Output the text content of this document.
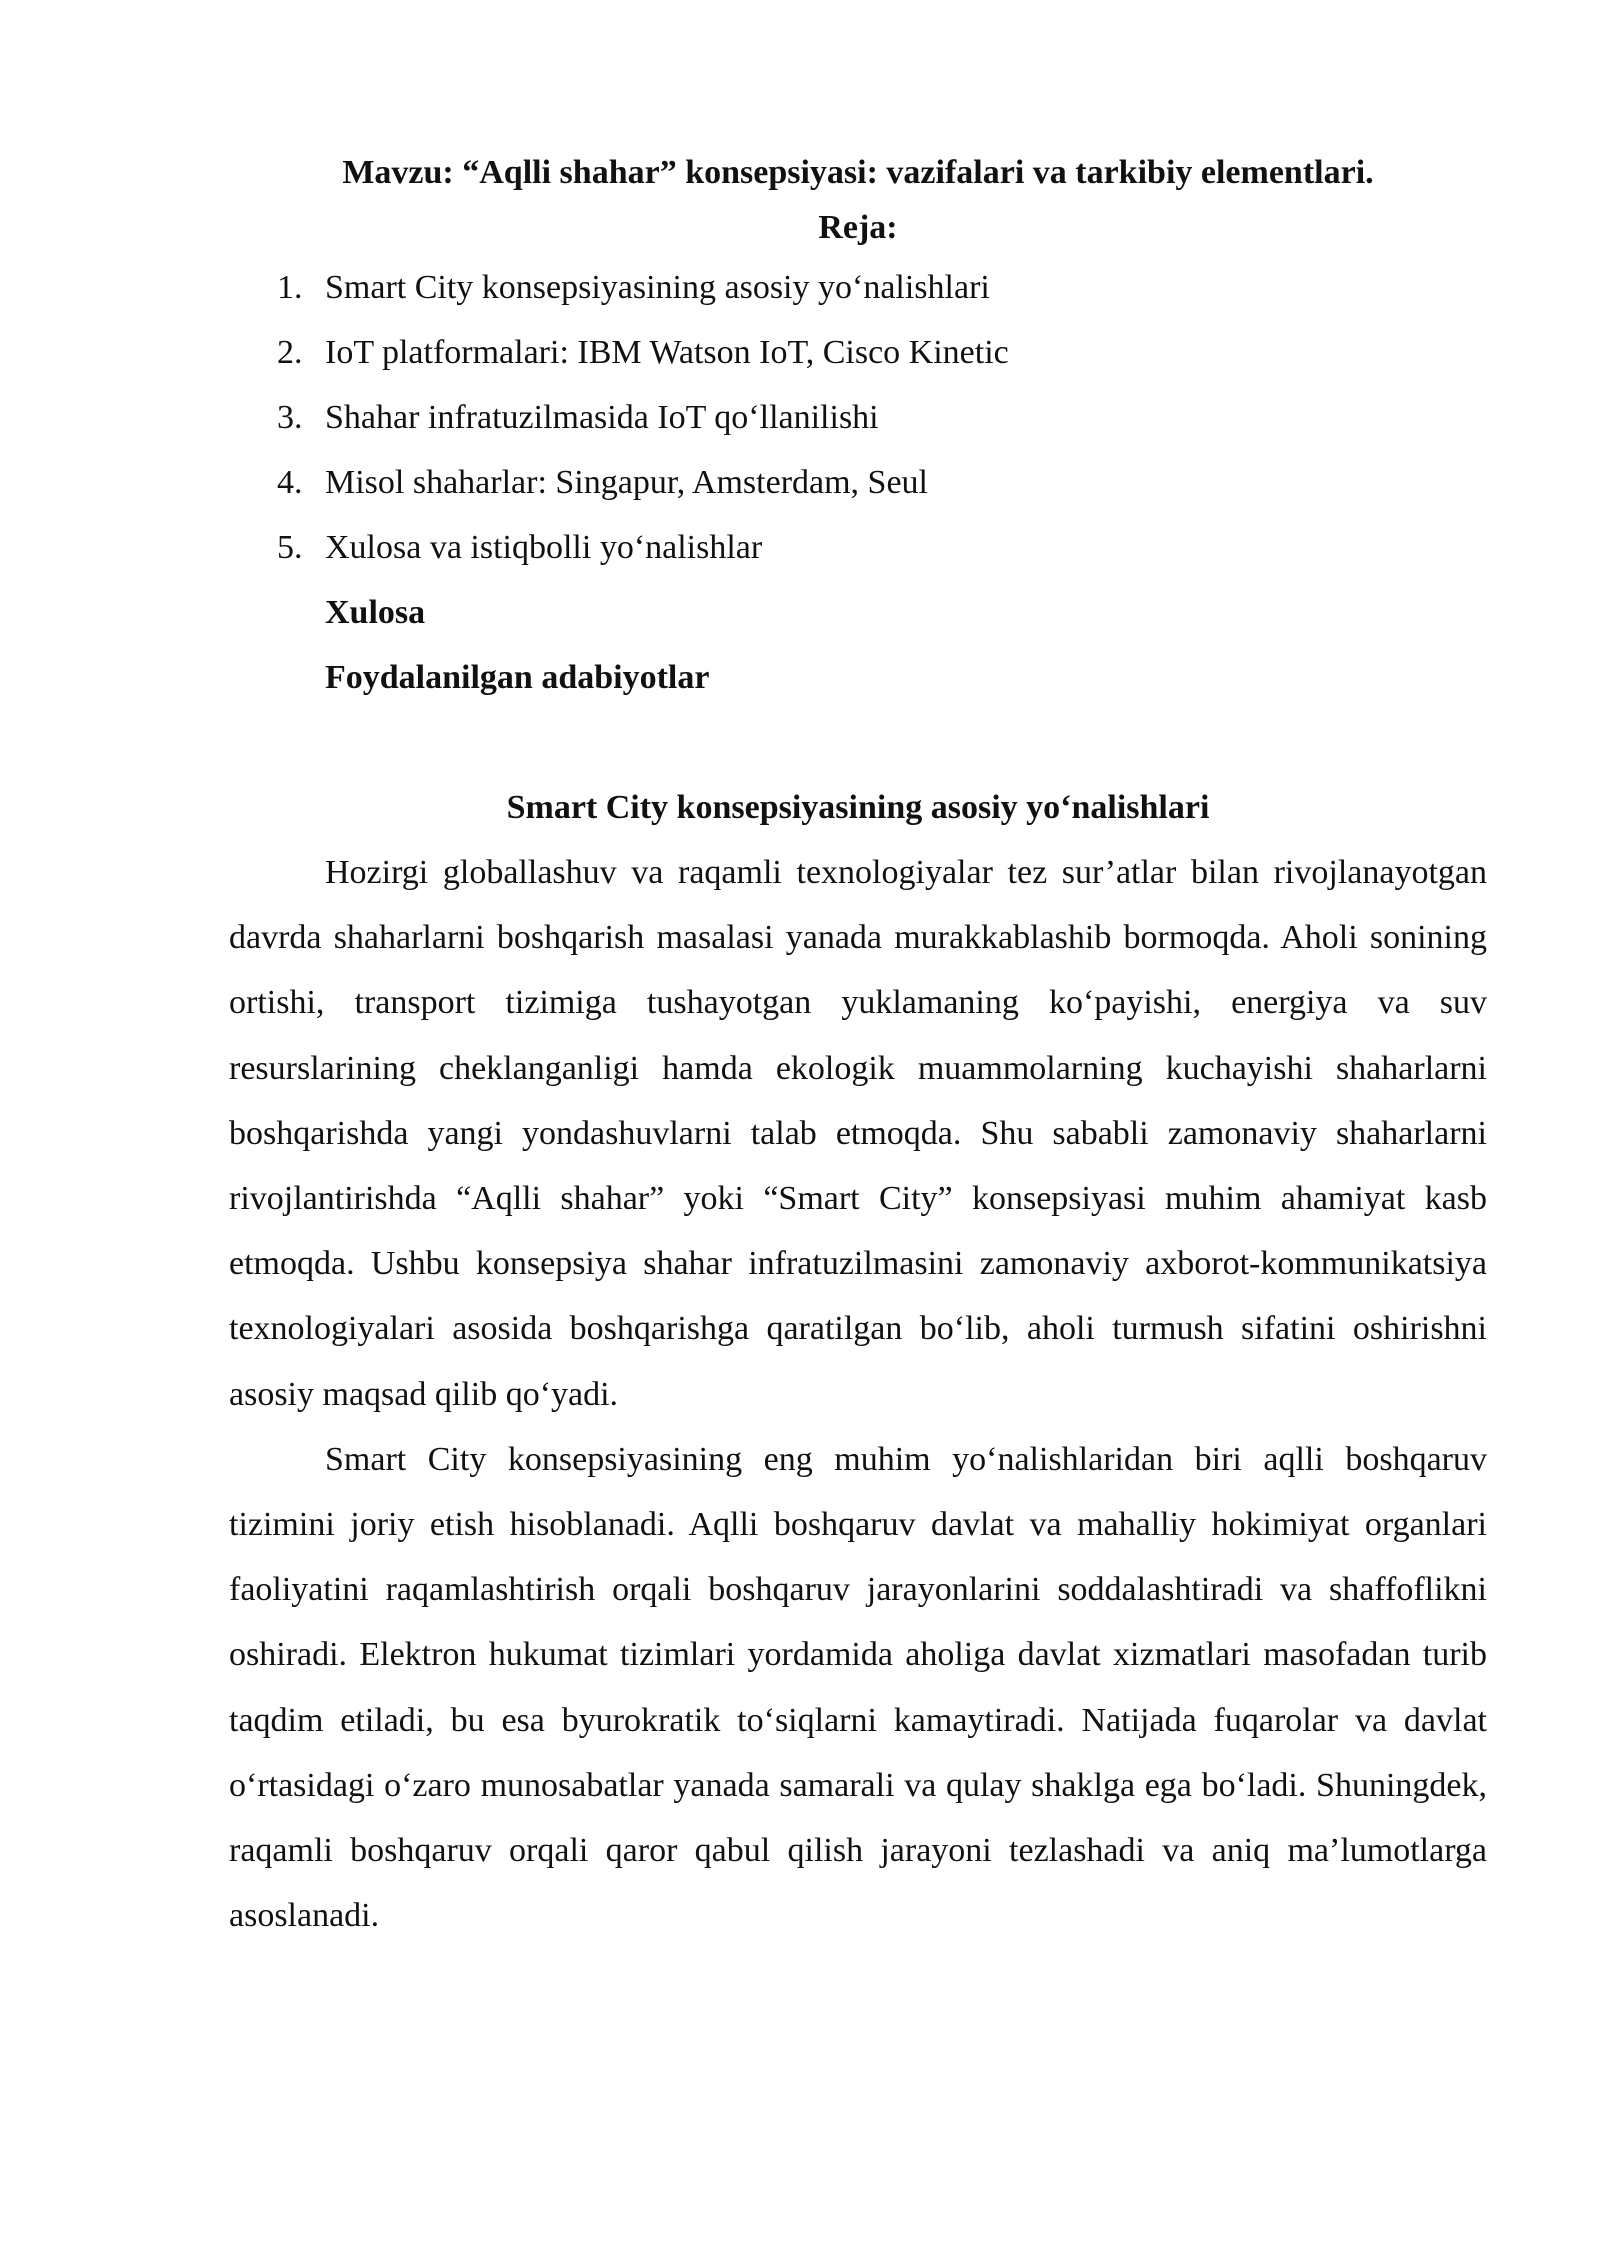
Mavzu: “Aqlli shahar” konsepsiyasi: vazifalari va tarkibiy elementlari.
Reja:
1. Smart City konsepsiyasining asosiy yo‘nalishlari
2. IoT platformalari: IBM Watson IoT, Cisco Kinetic
3. Shahar infratuzilmasida IoT qo‘llanilishi
4. Misol shaharlar: Singapur, Amsterdam, Seul
5. Xulosa va istiqbolli yo‘nalishlar
Xulosa
Foydalanilgan adabiyotlar
Smart City konsepsiyasining asosiy yo‘nalishlari

Hozirgi globallashuv va raqamli texnologiyalar tez sur’atlar bilan rivojlanayotgan davrda shaharlarni boshqarish masalasi yanada murakkablashib bormoqda. Aholi sonining ortishi, transport tizimiga tushayotgan yuklamaning ko‘payishi, energiya va suv resurslarining cheklanganligi hamda ekologik muammolarning kuchayishi shaharlarni boshqarishda yangi yondashuvlarni talab etmoqda. Shu sababli zamonaviy shaharlarni rivojlantirishda “Aqlli shahar” yoki “Smart City” konsepsiyasi muhim ahamiyat kasb etmoqda. Ushbu konsepsiya shahar infratuzilmasini zamonaviy axborot-kommunikatsiya texnologiyalari asosida boshqarishga qaratilgan bo‘lib, aholi turmush sifatini oshirishni asosiy maqsad qilib qo‘yadi.

Smart City konsepsiyasining eng muhim yo‘nalishlaridan biri aqlli boshqaruv tizimini joriy etish hisoblanadi. Aqlli boshqaruv davlat va mahalliy hokimiyat organlari faoliyatini raqamlashtirish orqali boshqaruv jarayonlarini soddalashtiradi va shaffoflikni oshiradi. Elektron hukumat tizimlari yordamida aholiga davlat xizmatlari masofadan turib taqdim etiladi, bu esa byurokratik to‘siqlarni kamaytiradi. Natijada fuqarolar va davlat o‘rtasidagi o‘zaro munosabatlar yanada samarali va qulay shaklga ega bo‘ladi. Shuningdek, raqamli boshqaruv orqali qaror qabul qilish jarayoni tezlashadi va aniq ma’lumotlarga asoslanadi.
